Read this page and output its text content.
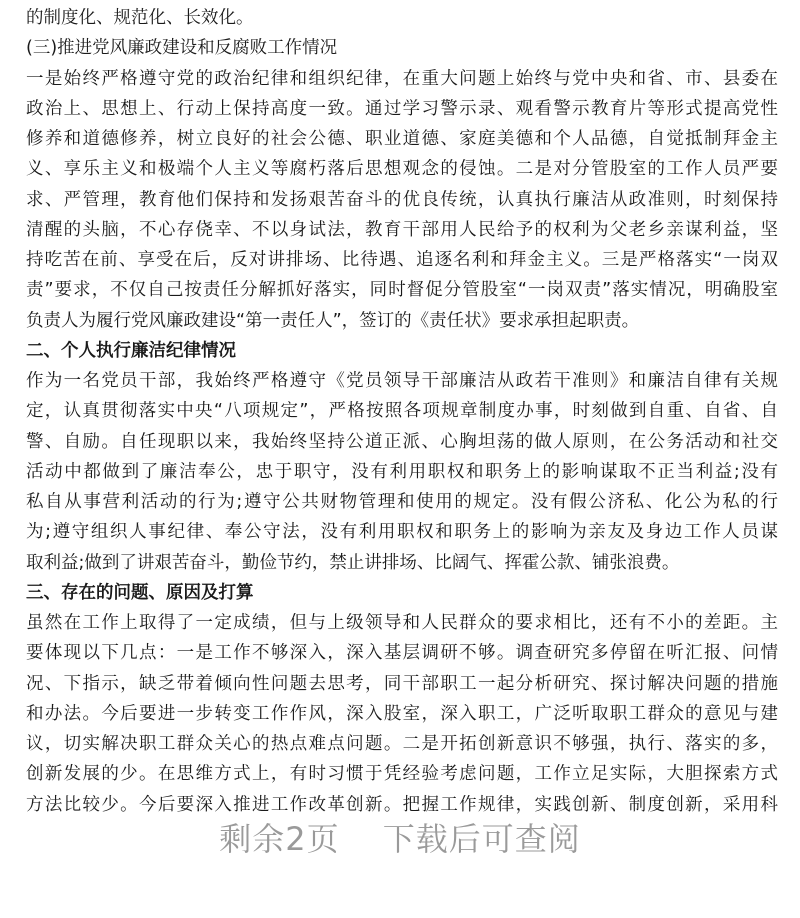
的制度化、规范化、长效化。
(三)推进党风廉政建设和反腐败工作情况
一是始终严格遵守党的政治纪律和组织纪律，在重大问题上始终与党中央和省、市、县委在
政治上、思想上、行动上保持高度一致。通过学习警示录、观看警示教育片等形式提高党性
修养和道德修养，树立良好的社会公德、职业道德、家庭美德和个人品德，自觉抵制拜金主
义、享乐主义和极端个人主义等腐朽落后思想观念的侵蚀。二是对分管股室的工作人员严要
求、严管理，教育他们保持和发扬艰苦奋斗的优良传统，认真执行廉洁从政准则，时刻保持
清醒的头脑，不心存侥幸、不以身试法，教育干部用人民给予的权利为父老乡亲谋利益，坚
持吃苦在前、享受在后，反对讲排场、比待遇、追逐名利和拜金主义。三是严格落实“一岗双
责”要求，不仅自己按责任分解抓好落实，同时督促分管股室“一岗双责”落实情况，明确股室
负责人为履行党风廉政建设“第一责任人”，签订的《责任状》要求承担起职责。
二、个人执行廉洁纪律情况
作为一名党员干部，我始终严格遵守《党员领导干部廉洁从政若干准则》和廉洁自律有关规
定，认真贯彻落实中央“八项规定”，严格按照各项规章制度办事，时刻做到自重、自省、自
警、自励。自任现职以来，我始终坚持公道正派、心胸坦荡的做人原则，在公务活动和社交
活动中都做到了廉洁奉公，忠于职守，没有利用职权和职务上的影响谋取不正当利益;没有
私自从事营利活动的行为;遵守公共财物管理和使用的规定。没有假公济私、化公为私的行
为;遵守组织人事纪律、奉公守法，没有利用职权和职务上的影响为亲友及身边工作人员谋
取利益;做到了讲艰苦奋斗，勤俭节约，禁止讲排场、比阔气、挥霍公款、铺张浪费。
三、存在的问题、原因及打算
虽然在工作上取得了一定成绩，但与上级领导和人民群众的要求相比，还有不小的差距。主
要体现以下几点：一是工作不够深入，深入基层调研不够。调查研究多停留在听汇报、问情
况、下指示，缺乏带着倾向性问题去思考，同干部职工一起分析研究、探讨解决问题的措施
和办法。今后要进一步转变工作作风，深入股室，深入职工，广泛听取职工群众的意见与建
议，切实解决职工群众关心的热点难点问题。二是开拓创新意识不够强，执行、落实的多，
创新发展的少。在思维方式上，有时习惯于凭经验考虑问题，工作立足实际，大胆探索方式
方法比较少。今后要深入推进工作改革创新。把握工作规律，实践创新、制度创新，采用科
剩余2页 下载后可查阅
